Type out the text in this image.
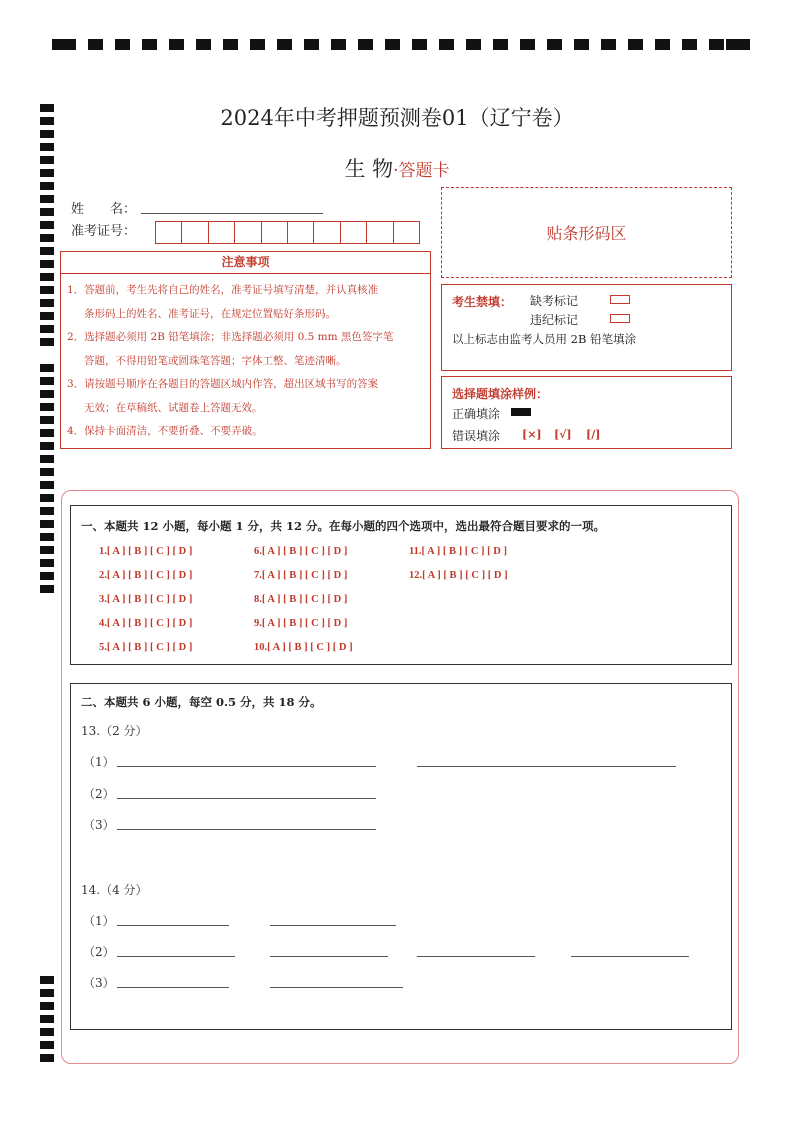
2024年中考押题预测卷01（辽宁卷）
生 物·答题卡
姓　　名：
准考证号：	贴条形码区
注意事项
1．答题前，考生先将自己的姓名，准考证号填写清楚，并认真核准
条形码上的姓名、准考证号，在规定位置贴好条形码。
2．选择题必须用 2B 铅笔填涂；非选择题必须用 0.5 mm 黑色签字笔
答题，不得用铅笔或圆珠笔答题；字体工整、笔迹清晰。
3．请按题号顺序在各题目的答题区域内作答，超出区域书写的答案
无效；在草稿纸、试题卷上答题无效。
4．保持卡面清洁，不要折叠、不要弄破。
考生禁填： 缺考标记
违纪标记
以上标志由监考人员用 2B 铅笔填涂
选择题填涂样例：
正确填涂
错误填涂 [×] [√] [/]
一、本题共 12 小题，每小题 1 分，共 12 分。在每小题的四个选项中，选出最符合题目要求的一项。
1.[ A ] [ B ] [ C ] [ D ]
2.[ A ] [ B ] [ C ] [ D ]
3.[ A ] [ B ] [ C ] [ D ]
4.[ A ] [ B ] [ C ] [ D ]
5.[ A ] [ B ] [ C ] [ D ]
6.[ A ] [ B ] [ C ] [ D ]
7.[ A ] [ B ] [ C ] [ D ]
8.[ A ] [ B ] [ C ] [ D ]
9.[ A ] [ B ] [ C ] [ D ]
10.[ A ] [ B ] [ C ] [ D ]
11.[ A ] [ B ] [ C ] [ D ]
12.[ A ] [ B ] [ C ] [ D ]
二、本题共 6 小题，每空 0.5 分，共 18 分。
13.（2 分）
（1）
（2）
（3）
14.（4 分）
（1）
（2）
（3）
